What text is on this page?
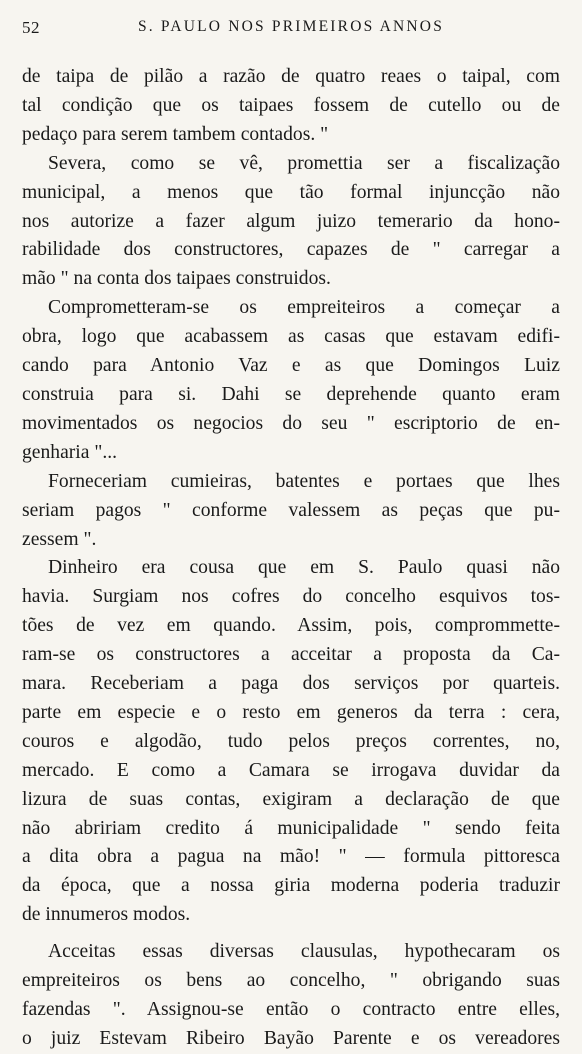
52	S. PAULO NOS PRIMEIROS ANNOS
de taipa de pilão a razão de quatro reaes o taipal, com
tal condição que os taipaes fossem de cutello ou de
pedaço para serem tambem contados. "
Severa, como se vê, promettia ser a fiscalização
municipal, a menos que tão formal injuncção não
nos autorize a fazer algum juizo temerario da hono-
rabilidade dos constructores, capazes de " carregar a
mão " na conta dos taipaes construidos.
Comprometteram-se os empreiteiros a começar a
obra, logo que acabassem as casas que estavam edifi-
cando para Antonio Vaz e as que Domingos Luiz
construia para si. Dahi se deprehende quanto eram
movimentados os negocios do seu " escriptorio de en-
genharia "...
Forneceriam cumieiras, batentes e portaes que lhes
seriam pagos " conforme valessem as peças que pu-
zessem ".
Dinheiro era cousa que em S. Paulo quasi não
havia. Surgiam nos cofres do concelho esquivos tos-
tões de vez em quando. Assim, pois, comprommette-
ram-se os constructores a acceitar a proposta da Ca-
mara. Receberiam a paga dos serviços por quarteis.
parte em especie e o resto em generos da terra : cera,
couros e algodão, tudo pelos preços correntes, no,
mercado. E como a Camara se irrogava duvidar da
lizura de suas contas, exigiram a declaração de que
não abririam credito á municipalidade " sendo feita
a dita obra a pagua na mão! " — formula pittoresca
da época, que a nossa giria moderna poderia traduzir
de innumeros modos.
Acceitas essas diversas clausulas, hypothecaram os
empreiteiros os bens ao concelho, " obrigando suas
fazendas ". Assignou-se então o contracto entre elles,
o juiz Estevam Ribeiro Bayão Parente e os vereadores
